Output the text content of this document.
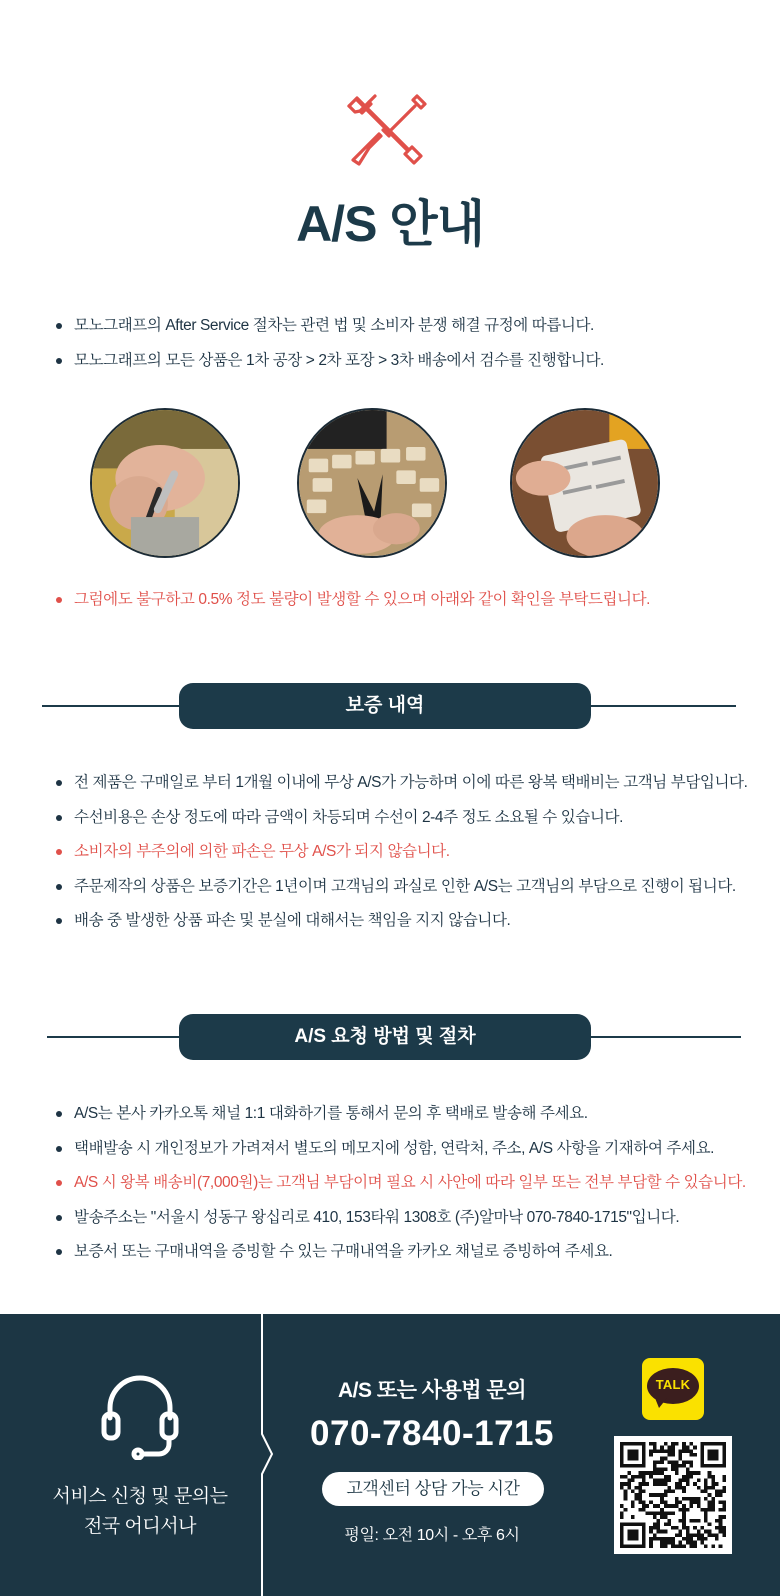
A/S 안내
모노그래프의 After Service 절차는 관련 법 및 소비자 분쟁 해결 규정에 따릅니다.
모노그래프의 모든 상품은 1차 공장 > 2차 포장 > 3차 배송에서 검수를 진행합니다.
그럼에도 불구하고 0.5% 정도 불량이 발생할 수 있으며 아래와 같이 확인을 부탁드립니다.
보증 내역
전 제품은 구매일로 부터 1개월 이내에 무상 A/S가 가능하며 이에 따른 왕복 택배비는 고객님 부담입니다.
수선비용은 손상 정도에 따라 금액이 차등되며 수선이 2-4주 정도 소요될 수 있습니다.
소비자의 부주의에 의한 파손은 무상 A/S가 되지 않습니다.
주문제작의 상품은 보증기간은 1년이며 고객님의 과실로 인한 A/S는 고객님의 부담으로 진행이 됩니다.
배송 중 발생한 상품 파손 및 분실에 대해서는 책임을 지지 않습니다.
A/S 요청 방법 및 절차
A/S는 본사 카카오톡 채널 1:1 대화하기를 통해서 문의 후 택배로 발송해 주세요.
택배발송 시 개인정보가 가려져서 별도의 메모지에 성함, 연락처, 주소, A/S 사항을 기재하여 주세요.
A/S 시 왕복 배송비(7,000원)는 고객님 부담이며 필요 시 사안에 따라 일부 또는 전부 부담할 수 있습니다.
발송주소는 "서울시 성동구 왕십리로 410, 153타워 1308호 (주)알마낙 070-7840-1715"입니다.
보증서 또는 구매내역을 증빙할 수 있는 구매내역을 카카오 채널로 증빙하여 주세요.
서비스 신청 및 문의는
전국 어디서나
A/S 또는 사용법 문의
070-7840-1715
고객센터 상담 가능 시간
평일: 오전 10시 - 오후 6시
TALK
